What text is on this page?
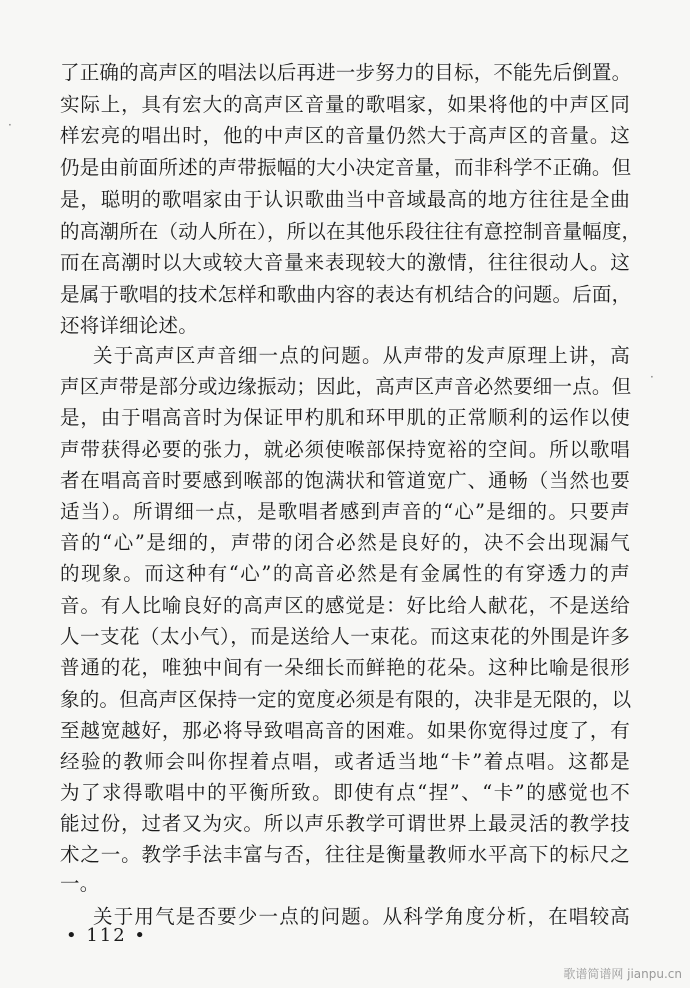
了正确的高声区的唱法以后再进一步努力的目标，不能先后倒置。
实际上，具有宏大的高声区音量的歌唱家，如果将他的中声区同
样宏亮的唱出时，他的中声区的音量仍然大于高声区的音量。这
仍是由前面所述的声带振幅的大小决定音量，而非科学不正确。但
是，聪明的歌唱家由于认识歌曲当中音域最高的地方往往是全曲
的高潮所在（动人所在），所以在其他乐段往往有意控制音量幅度，
而在高潮时以大或较大音量来表现较大的激情，往往很动人。这
是属于歌唱的技术怎样和歌曲内容的表达有机结合的问题。后面，
还将详细论述。
关于高声区声音细一点的问题。从声带的发声原理上讲，高
声区声带是部分或边缘振动；因此，高声区声音必然要细一点。但
是，由于唱高音时为保证甲杓肌和环甲肌的正常顺利的运作以使
声带获得必要的张力，就必须使喉部保持宽裕的空间。所以歌唱
者在唱高音时要感到喉部的饱满状和管道宽广、通畅（当然也要
适当）。所谓细一点，是歌唱者感到声音的“心”是细的。只要声
音的“心”是细的，声带的闭合必然是良好的，决不会出现漏气
的现象。而这种有“心”的高音必然是有金属性的有穿透力的声
音。有人比喻良好的高声区的感觉是：好比给人献花，不是送给
人一支花（太小气），而是送给人一束花。而这束花的外围是许多
普通的花，唯独中间有一朵细长而鲜艳的花朵。这种比喻是很形
象的。但高声区保持一定的宽度必须是有限的，决非是无限的，以
至越宽越好，那必将导致唱高音的困难。如果你宽得过度了，有
经验的教师会叫你捏着点唱，或者适当地“卡”着点唱。这都是
为了求得歌唱中的平衡所致。即使有点“捏”、“卡”的感觉也不
能过份，过者又为灾。所以声乐教学可谓世界上最灵活的教学技
术之一。教学手法丰富与否，往往是衡量教师水平高下的标尺之
一。
关于用气是否要少一点的问题。从科学角度分析，在唱较高
• 112 •
·
·
歌谱简谱网 jianpu.cn
